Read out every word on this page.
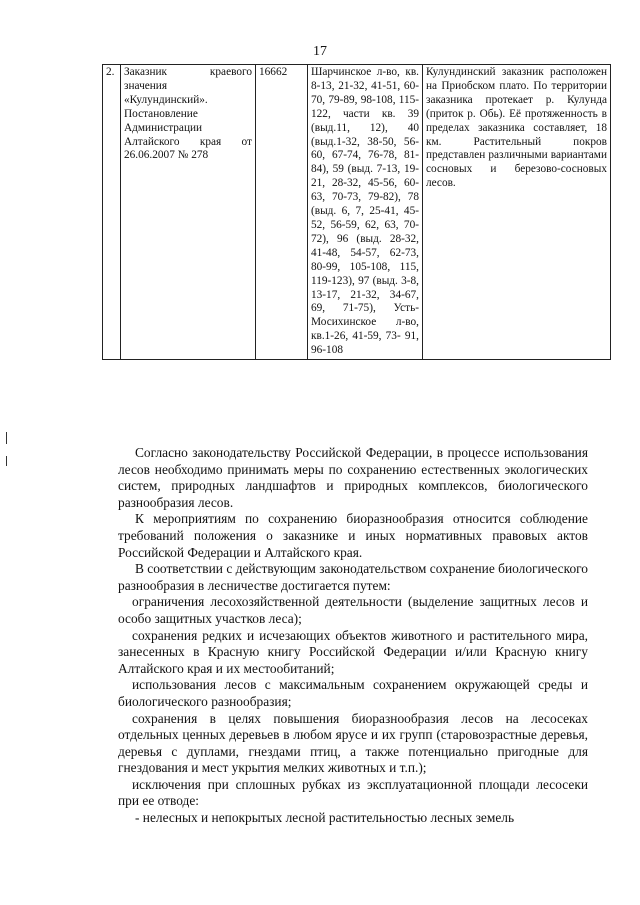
17
2.	Заказник краевого значения «Кулундинский». Постановление Администрации Алтайского края от 26.06.2007 № 278	16662	Шарчинское л-во, кв. 8-13, 21-32, 41-51, 60-70, 79-89, 98-108, 115-122, части кв. 39 (выд.11, 12), 40 (выд.1-32, 38-50, 56-60, 67-74, 76-78, 81-84), 59 (выд. 7-13, 19-21, 28-32, 45-56, 60-63, 70-73, 79-82), 78 (выд. 6, 7, 25-41, 45-52, 56-59, 62, 63, 70-72), 96 (выд. 28-32, 41-48, 54-57, 62-73, 80-99, 105-108, 115, 119-123), 97 (выд. 3-8, 13-17, 21-32, 34-67, 69, 71-75), Усть-Мосихинское л-во, кв.1-26, 41-59, 73- 91, 96-108	Кулундинский заказник расположен на Приобском плато. По территории заказника протекает р. Кулунда (приток р. Обь). Её протяженность в пределах заказника составляет, 18 км. Растительный покров представлен различными вариантами сосновых и березово-сосновых лесов.

Согласно законодательству Российской Федерации, в процессе использования лесов необходимо принимать меры по сохранению естественных экологических систем, природных ландшафтов и природных комплексов, биологического разнообразия лесов.

К мероприятиям по сохранению биоразнообразия относится соблюдение требований положения о заказнике и иных нормативных правовых актов Российской Федерации и Алтайского края.

В соответствии с действующим законодательством сохранение биологического разнообразия в лесничестве достигается путем:

ограничения лесохозяйственной деятельности (выделение защитных лесов и особо защитных участков леса);

сохранения редких и исчезающих объектов животного и растительного мира, занесенных в Красную книгу Российской Федерации и/или Красную книгу Алтайского края и их местообитаний;

использования лесов с максимальным сохранением окружающей среды и биологического разнообразия;

сохранения в целях повышения биоразнообразия лесов на лесосеках отдельных ценных деревьев в любом ярусе и их групп (старовозрастные деревья, деревья с дуплами, гнездами птиц, а также потенциально пригодные для гнездования и мест укрытия мелких животных и т.п.);

исключения при сплошных рубках из эксплуатационной площади лесосеки при ее отводе:

- нелесных и непокрытых лесной растительностью лесных земель
